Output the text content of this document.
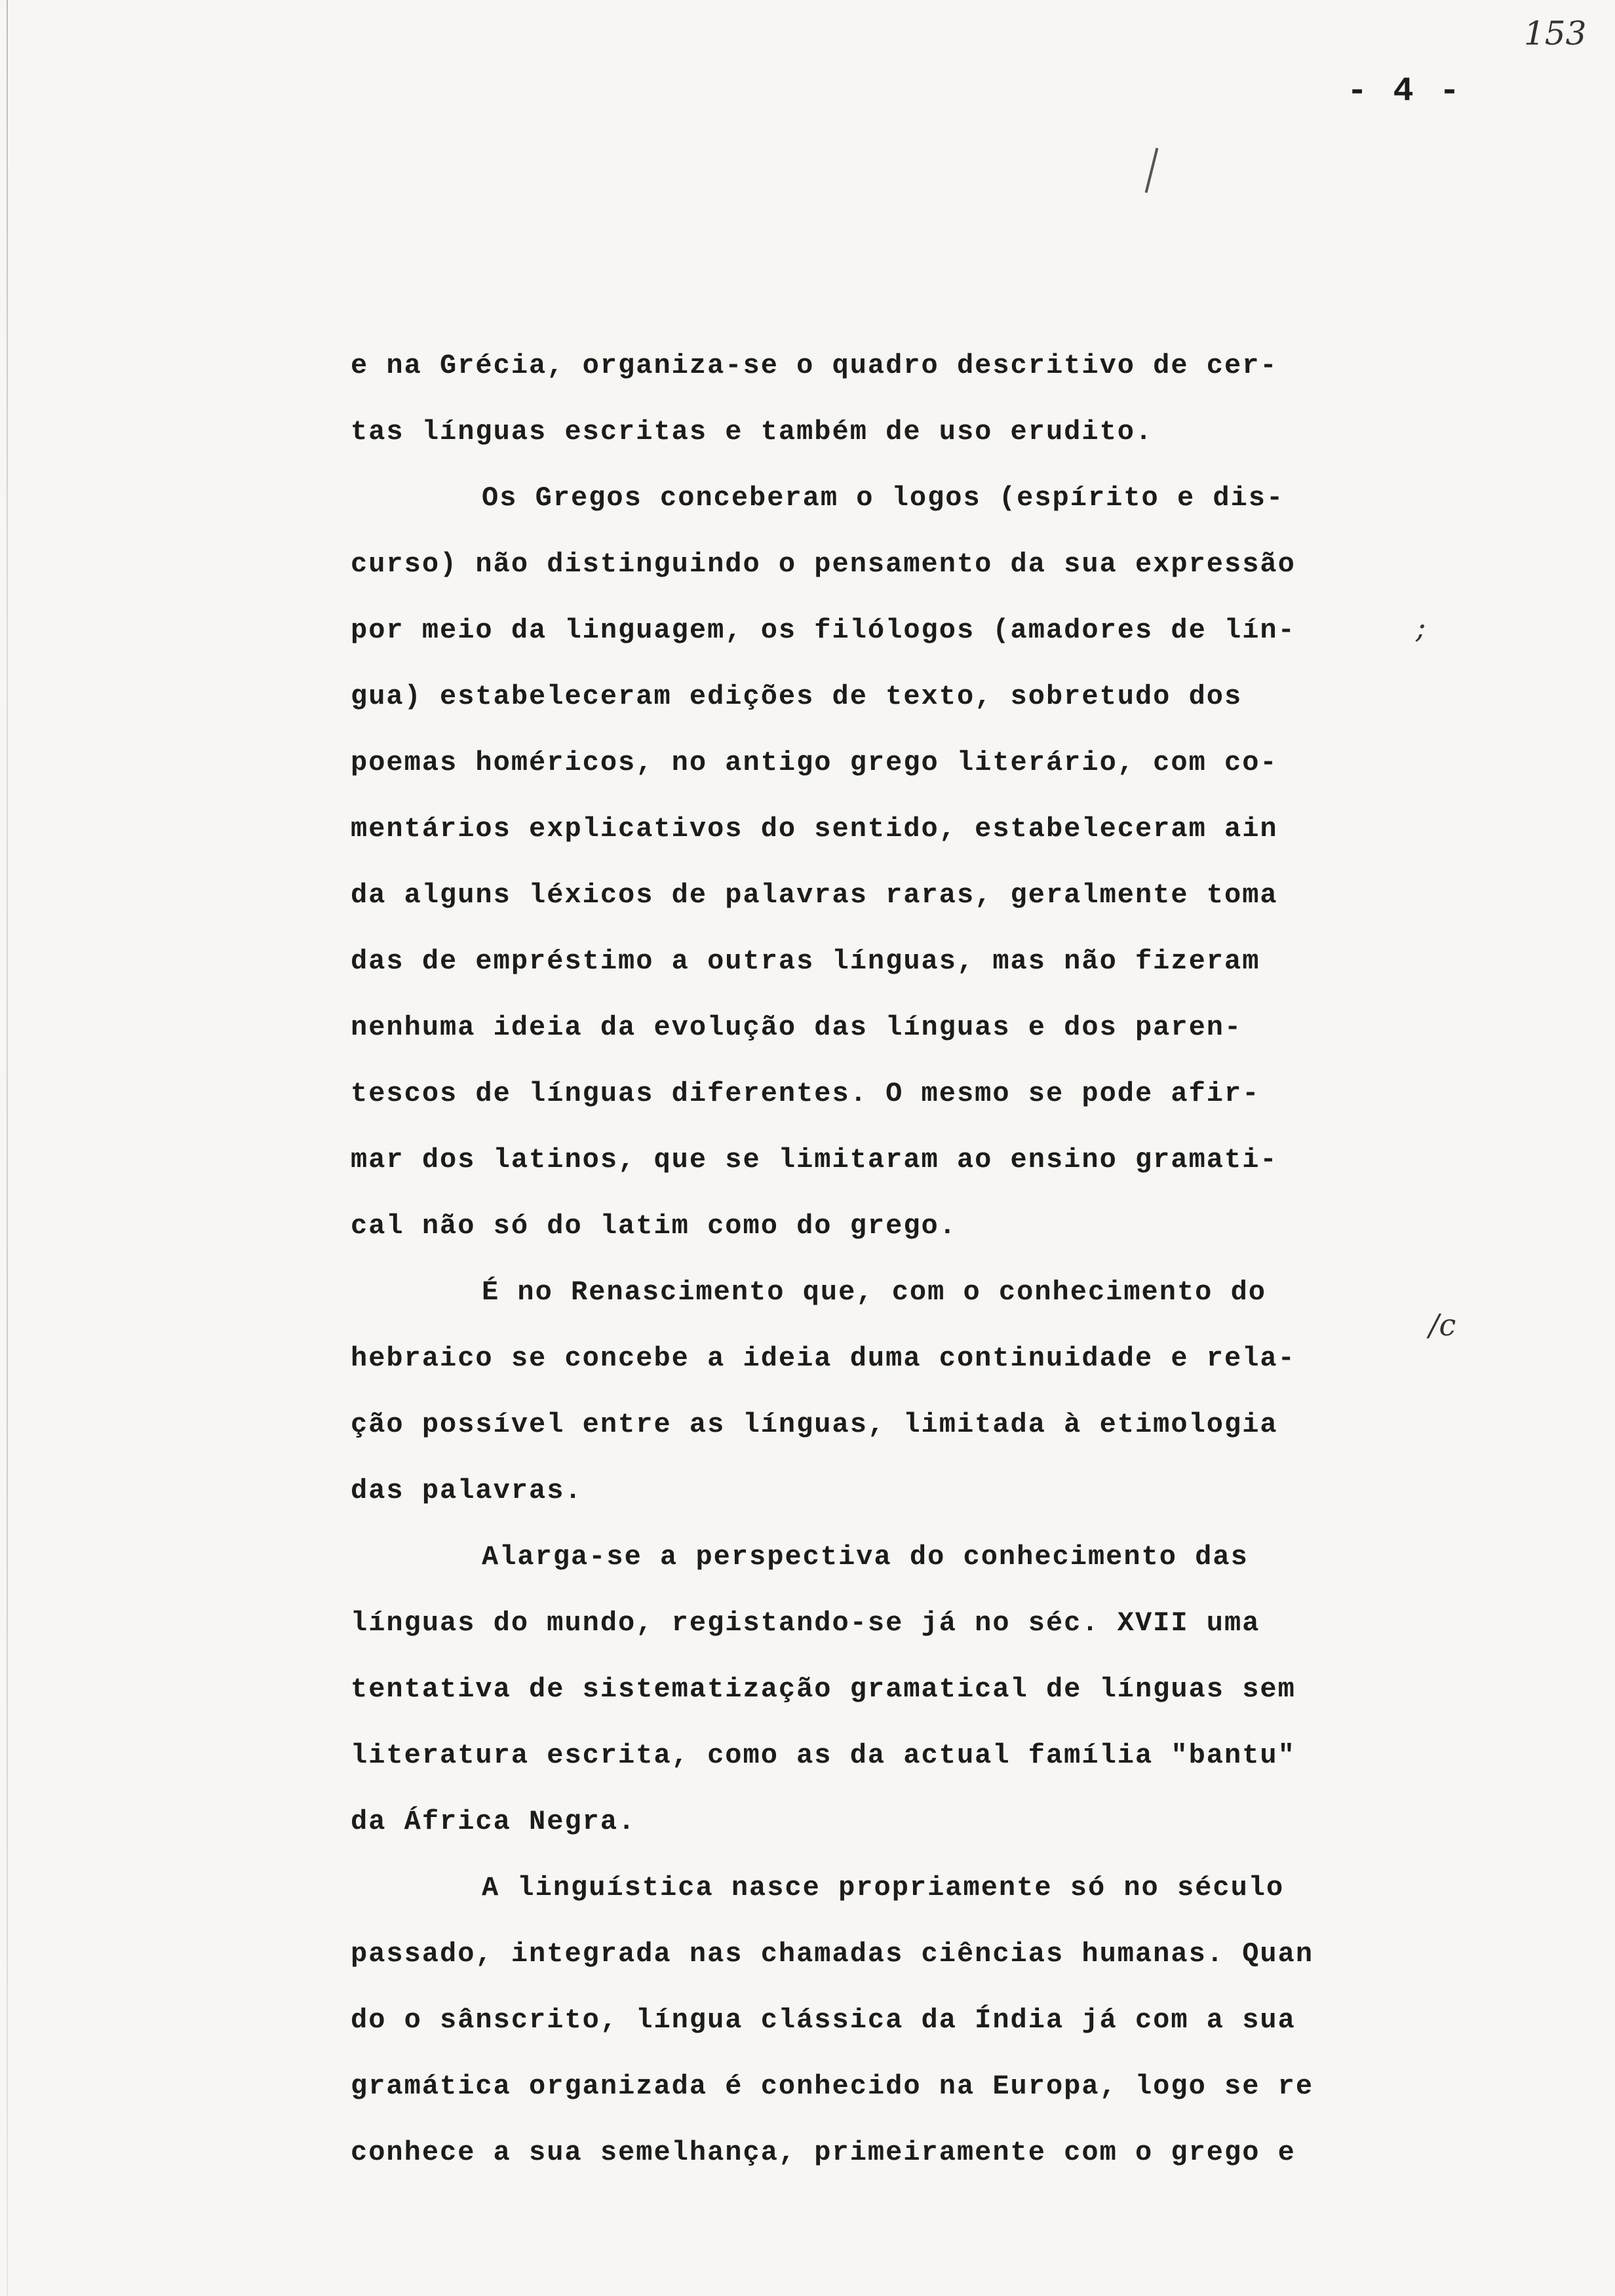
153
- 4 -
;
/c
e na Grécia, organiza-se o quadro descritivo de cer-
tas línguas escritas e também de uso erudito.
Os Gregos conceberam o logos (espírito e dis-
curso) não distinguindo o pensamento da sua expressão
por meio da linguagem, os filólogos (amadores de lín-
gua) estabeleceram edições de texto, sobretudo dos
poemas homéricos, no antigo grego literário, com co-
mentários explicativos do sentido, estabeleceram ain
da alguns léxicos de palavras raras, geralmente toma
das de empréstimo a outras línguas, mas não fizeram
nenhuma ideia da evolução das línguas e dos paren-
tescos de línguas diferentes. O mesmo se pode afir-
mar dos latinos, que se limitaram ao ensino gramati-
cal não só do latim como do grego.
É no Renascimento que, com o conhecimento do
hebraico se concebe a ideia duma continuidade e rela-
ção possível entre as línguas, limitada à etimologia
das palavras.
Alarga-se a perspectiva do conhecimento das
línguas do mundo, registando-se já no séc. XVII uma
tentativa de sistematização gramatical de línguas sem
literatura escrita, como as da actual família "bantu"
da África Negra.
A linguística nasce propriamente só no século
passado, integrada nas chamadas ciências humanas. Quan
do o sânscrito, língua clássica da Índia já com a sua
gramática organizada é conhecido na Europa, logo se re
conhece a sua semelhança, primeiramente com o grego e
